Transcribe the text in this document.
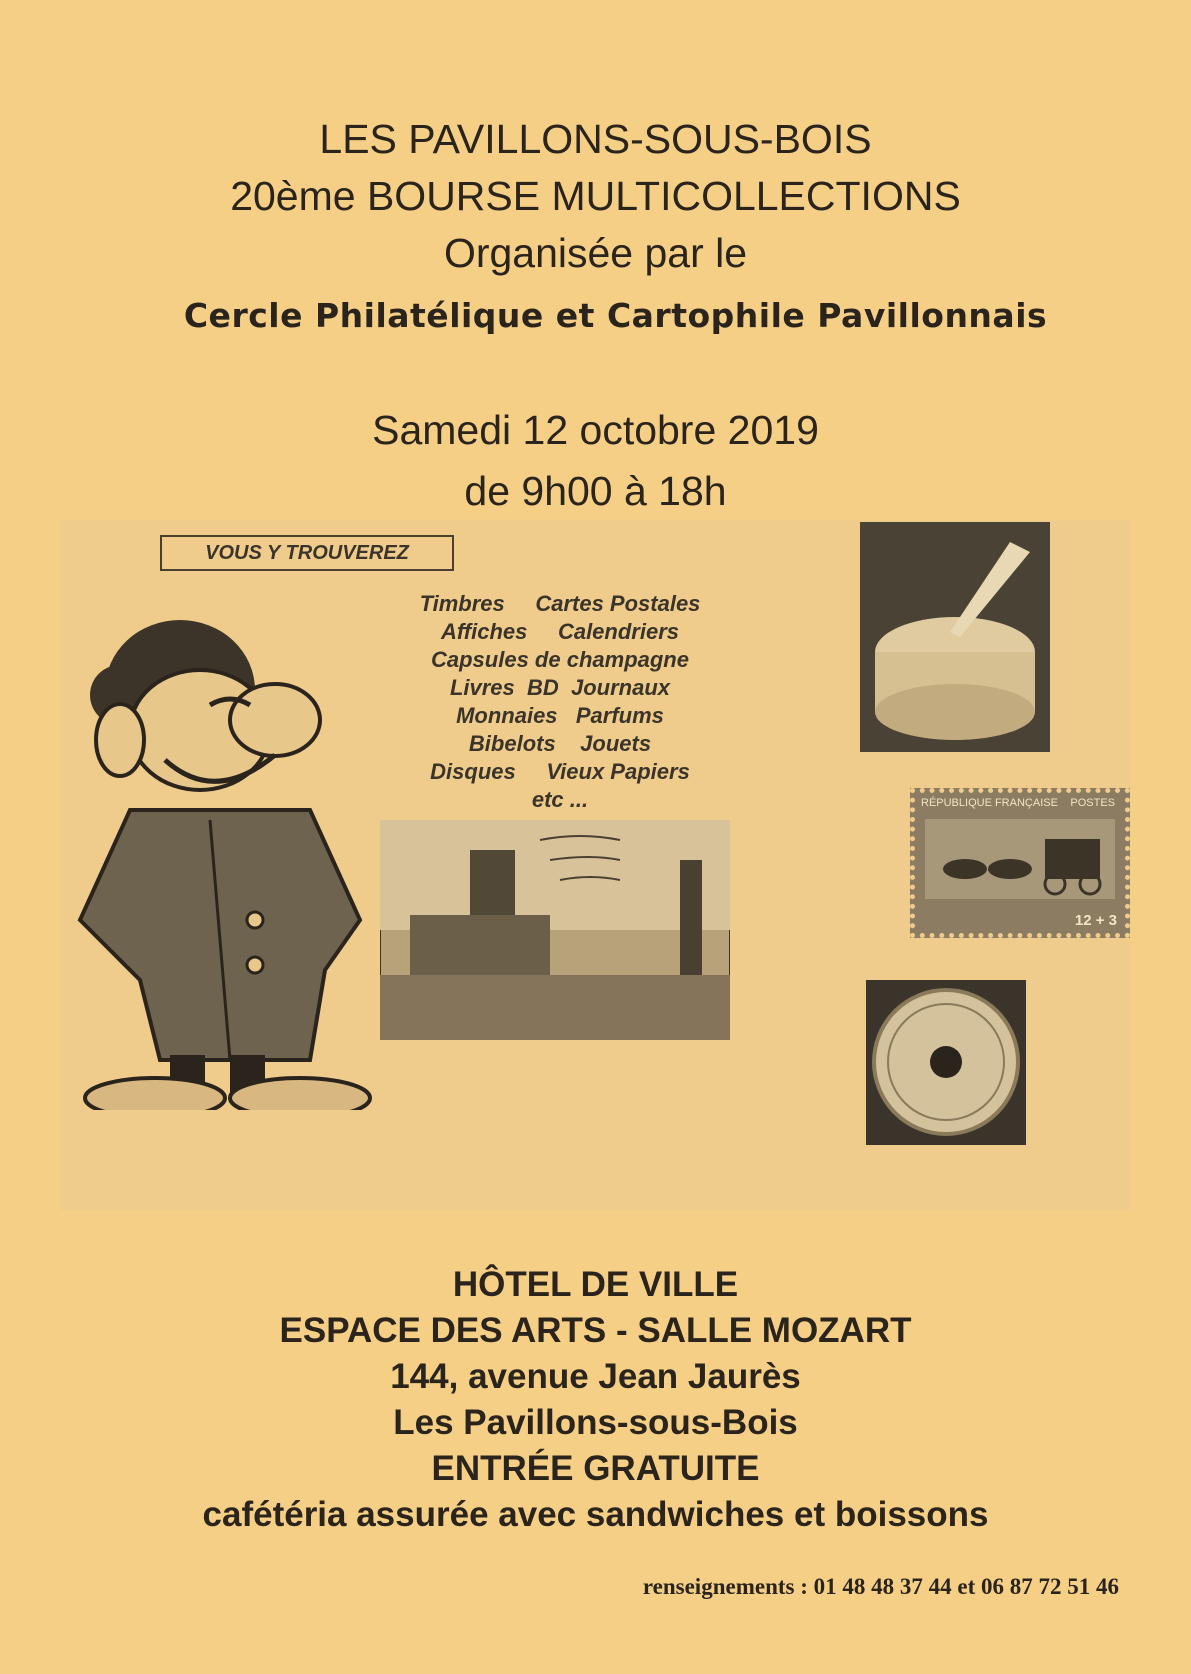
LES PAVILLONS-SOUS-BOIS
20ème BOURSE MULTICOLLECTIONS
Organisée par le
Cercle Philatélique et Cartophile Pavillonnais
Samedi 12 octobre 2019
de 9h00 à 18h
VOUS Y TROUVEREZ
Timbres     Cartes Postales
Affiches     Calendriers
Capsules de champagne
Livres  BD  Journaux
Monnaies   Parfums
Bibelots    Jouets
Disques     Vieux Papiers
etc ...	RÉPUBLIQUE FRANÇAISE POSTES
12 + 3
HÔTEL DE VILLE
ESPACE DES ARTS - SALLE MOZART
144, avenue Jean Jaurès
Les Pavillons-sous-Bois
ENTRÉE GRATUITE
cafétéria assurée avec sandwiches et boissons
renseignements : 01 48 48 37 44 et 06 87 72 51 46
